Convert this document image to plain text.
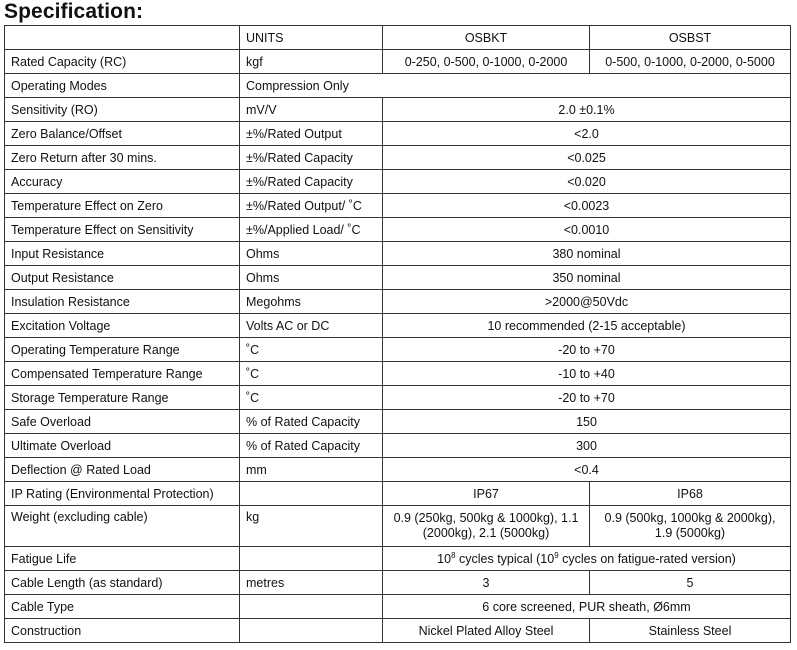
Specification:
	UNITS	OSBKT	OSBST
Rated Capacity (RC)	kgf	0-250, 0-500, 0-1000, 0-2000	0-500, 0-1000, 0-2000, 0-5000
Operating Modes	Compression Only		
Sensitivity (RO)	mV/V	2.0 ±0.1%	
Zero Balance/Offset	±%/Rated Output	<2.0	
Zero Return after 30 mins.	±%/Rated Capacity	<0.025	
Accuracy	±%/Rated Capacity	<0.020	
Temperature Effect on Zero	±%/Rated Output/ ˚C	<0.0023	
Temperature Effect on Sensitivity	±%/Applied Load/ ˚C	<0.0010	
Input Resistance	Ohms	380 nominal	
Output Resistance	Ohms	350 nominal	
Insulation Resistance	Megohms	>2000@50Vdc	
Excitation Voltage	Volts AC or DC	10 recommended (2-15 acceptable)	
Operating Temperature Range	˚C	-20 to +70	
Compensated Temperature Range	˚C	-10 to +40	
Storage Temperature Range	˚C	-20 to +70	
Safe Overload	% of Rated Capacity	150	
Ultimate Overload	% of Rated Capacity	300	
Deflection @ Rated Load	mm	<0.4	
IP Rating (Environmental Protection)		IP67	IP68
Weight (excluding cable)	kg	0.9 (250kg, 500kg & 1000kg), 1.1 (2000kg), 2.1 (5000kg)	0.9 (500kg, 1000kg & 2000kg), 1.9 (5000kg)
Fatigue Life		$10^8$ cycles typical ($10^9$ cycles on fatigue-rated version)	
Cable Length (as standard)	metres	3	5
Cable Type		6 core screened, PUR sheath, Ø6mm	
Construction		Nickel Plated Alloy Steel	Stainless Steel
